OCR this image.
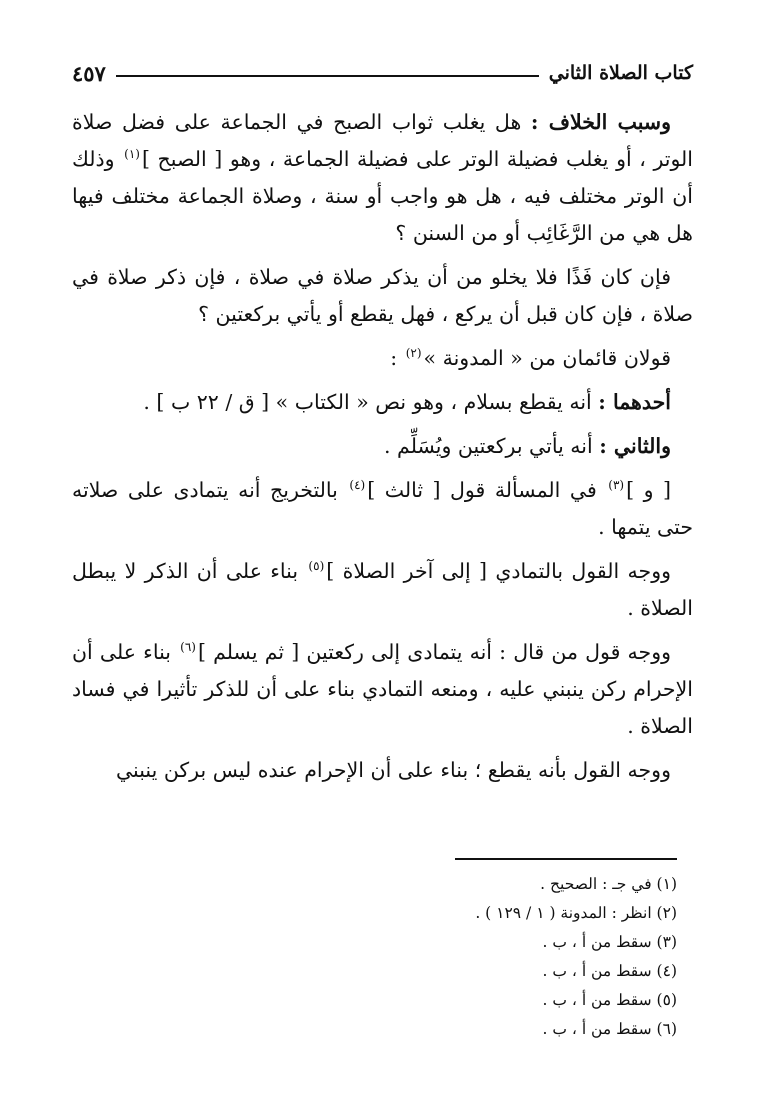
كتاب الصلاة الثاني
٤٥٧

وسبب الخلاف : هل يغلب ثواب الصبح في الجماعة على فضل صلاة الوتر ، أو يغلب فضيلة الوتر على فضيلة الجماعة ، وهو [ الصبح ]$^{(١)}$ وذلك أن الوتر مختلف فيه ، هل هو واجب أو سنة ، وصلاة الجماعة مختلف فيها هل هي من الرَّغَائِب أو من السنن ؟

فإن كان فَذًا فلا يخلو من أن يذكر صلاة في صلاة ، فإن ذكر صلاة في صلاة ، فإن كان قبل أن يركع ، فهل يقطع أو يأتي بركعتين ؟

قولان قائمان من « المدونة »$^{(٢)}$ :

أحدهما : أنه يقطع بسلام ، وهو نص « الكتاب » [ ق / ٢٢ ب ] .

والثاني : أنه يأتي بركعتين ويُسَلِّم .

[ و ]$^{(٣)}$ في المسألة قول [ ثالث ]$^{(٤)}$ بالتخريج أنه يتمادى على صلاته حتى يتمها .

ووجه القول بالتمادي [ إلى آخر الصلاة ]$^{(٥)}$ بناء على أن الذكر لا يبطل الصلاة .

ووجه قول من قال : أنه يتمادى إلى ركعتين [ ثم يسلم ]$^{(٦)}$ بناء على أن الإحرام ركن ينبني عليه ، ومنعه التمادي بناء على أن للذكر تأثيرا في فساد الصلاة .

ووجه القول بأنه يقطع ؛ بناء على أن الإحرام عنده ليس بركن ينبني

(١) في جـ : الصحيح .
(٢) انظر : المدونة ( ١ / ١٢٩ ) .
(٣) سقط من أ ، ب .
(٤) سقط من أ ، ب .
(٥) سقط من أ ، ب .
(٦) سقط من أ ، ب .
